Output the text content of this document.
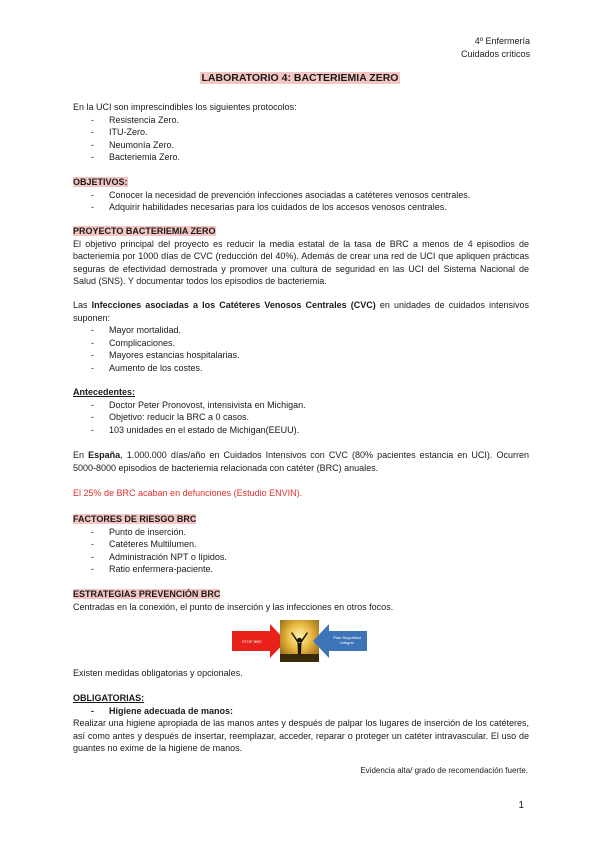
4º Enfermería
Cuidados críticos
LABORATORIO 4: BACTERIEMIA ZERO

En la UCI son imprescindibles los siguientes protocolos:

- Resistencia Zero.
- ITU-Zero.
- Neumonía Zero.
- Bacteriemia Zero.

OBJETIVOS:

- Conocer la necesidad de prevención infecciones asociadas a catéteres venosos centrales.
- Adquirir habilidades necesarias para los cuidados de los accesos venosos centrales.

PROYECTO BACTERIEMIA ZERO

El objetivo principal del proyecto es reducir la media estatal de la tasa de BRC a menos de 4 episodios de bacteriemia por 1000 días de CVC (reducción del 40%). Además de crear una red de UCI que apliquen prácticas seguras de efectividad demostrada y promover una cultura de seguridad en las UCI del Sistema Nacional de Salud (SNS). Y documentar todos los episodios de bacteriemia.

Las Infecciones asociadas a los Catéteres Venosos Centrales (CVC) en unidades de cuidados intensivos suponen:

- Mayor mortalidad.
- Complicaciones.
- Mayores estancias hospitalarias.
- Aumento de los costes.

Antecedentes:

- Doctor Peter Pronovost, intensivista en Michigan.
- Objetivo: reducir la BRC a 0 casos.
- 103 unidades en el estado de Michigan(EEUU).

En España, 1.000.000 días/año en Cuidados Intensivos con CVC (80% pacientes estancia en UCI). Ocurren 5000-8000 episodios de bacteriemia relacionada con catéter (BRC) anuales.

El 25% de BRC acaban en defunciones (Estudio ENVIN).

FACTORES DE RIESGO BRC

- Punto de inserción.
- Catéteres Multilumen.
- Administración NPT o lípidos.
- Ratio enfermera-paciente.

ESTRATEGIAS PREVENCIÓN BRC

Centradas en la conexión, el punto de inserción y las infecciones en otros focos.

STOP BRC
Plan Seguridad Integral

Existen medidas obligatorias y opcionales.

OBLIGATORIAS:

- Higiene adecuada de manos:

Realizar una higiene apropiada de las manos antes y después de palpar los lugares de inserción de los catéteres, así como antes y después de insertar, reemplazar, acceder, reparar o proteger un catéter intravascular. El uso de guantes no exime de la higiene de manos.

Evidencia alta/ grado de recomendación fuerte.
1
